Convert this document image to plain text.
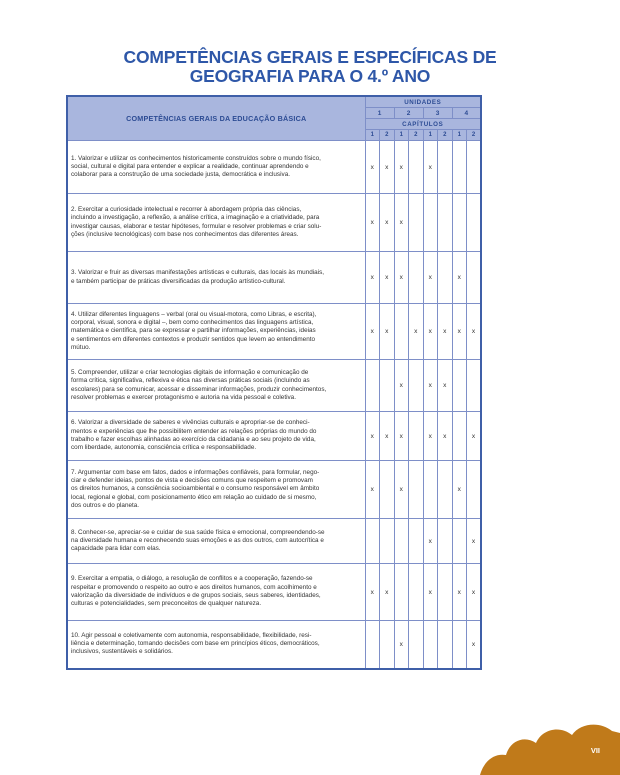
COMPETÊNCIAS GERAIS E ESPECÍFICAS DE
GEOGRAFIA PARA O 4.º ANO
COMPETÊNCIAS GERAIS DA EDUCAÇÃO BÁSICA	UNIDADES							
	1		2		3		4	
	CAPÍTULOS							
	1	2	1	2	1	2	1	2

1. Valorizar e utilizar os conhecimentos historicamente construídos sobre o mundo físico,
social, cultural e digital para entender e explicar a realidade, continuar aprendendo e
colaborar para a construção de uma sociedade justa, democrática e inclusiva.	x	x	x		x			

2. Exercitar a curiosidade intelectual e recorrer à abordagem própria das ciências,
incluindo a investigação, a reflexão, a análise crítica, a imaginação e a criatividade, para
investigar causas, elaborar e testar hipóteses, formular e resolver problemas e criar solu-
ções (inclusive tecnológicas) com base nos conhecimentos das diferentes áreas.	x	x	x					

3. Valorizar e fruir as diversas manifestações artísticas e culturais, das locais às mundiais,
e também participar de práticas diversificadas da produção artístico-cultural.	x	x	x		x		x	

4. Utilizar diferentes linguagens – verbal (oral ou visual-motora, como Libras, e escrita),
corporal, visual, sonora e digital –, bem como conhecimentos das linguagens artística,
matemática e científica, para se expressar e partilhar informações, experiências, ideias
e sentimentos em diferentes contextos e produzir sentidos que levem ao entendimento
mútuo.	x	x		x	x	x	x	x

5. Compreender, utilizar e criar tecnologias digitais de informação e comunicação de
forma crítica, significativa, reflexiva e ética nas diversas práticas sociais (incluindo as
escolares) para se comunicar, acessar e disseminar informações, produzir conhecimentos,
resolver problemas e exercer protagonismo e autoria na vida pessoal e coletiva.			x		x	x		

6. Valorizar a diversidade de saberes e vivências culturais e apropriar-se de conheci-
mentos e experiências que lhe possibilitem entender as relações próprias do mundo do
trabalho e fazer escolhas alinhadas ao exercício da cidadania e ao seu projeto de vida,
com liberdade, autonomia, consciência crítica e responsabilidade.	x	x	x		x	x		x

7. Argumentar com base em fatos, dados e informações confiáveis, para formular, nego-
ciar e defender ideias, pontos de vista e decisões comuns que respeitem e promovam
os direitos humanos, a consciência socioambiental e o consumo responsável em âmbito
local, regional e global, com posicionamento ético em relação ao cuidado de si mesmo,
dos outros e do planeta.	x		x				x	

8. Conhecer-se, apreciar-se e cuidar de sua saúde física e emocional, compreendendo-se
na diversidade humana e reconhecendo suas emoções e as dos outros, com autocrítica e
capacidade para lidar com elas.					x			x

9. Exercitar a empatia, o diálogo, a resolução de conflitos e a cooperação, fazendo-se
respeitar e promovendo o respeito ao outro e aos direitos humanos, com acolhimento e
valorização da diversidade de indivíduos e de grupos sociais, seus saberes, identidades,
culturas e potencialidades, sem preconceitos de qualquer natureza.	x	x			x		x	x

10. Agir pessoal e coletivamente com autonomia, responsabilidade, flexibilidade, resi-
liência e determinação, tomando decisões com base em princípios éticos, democráticos,
inclusivos, sustentáveis e solidários.			x					x
VII
